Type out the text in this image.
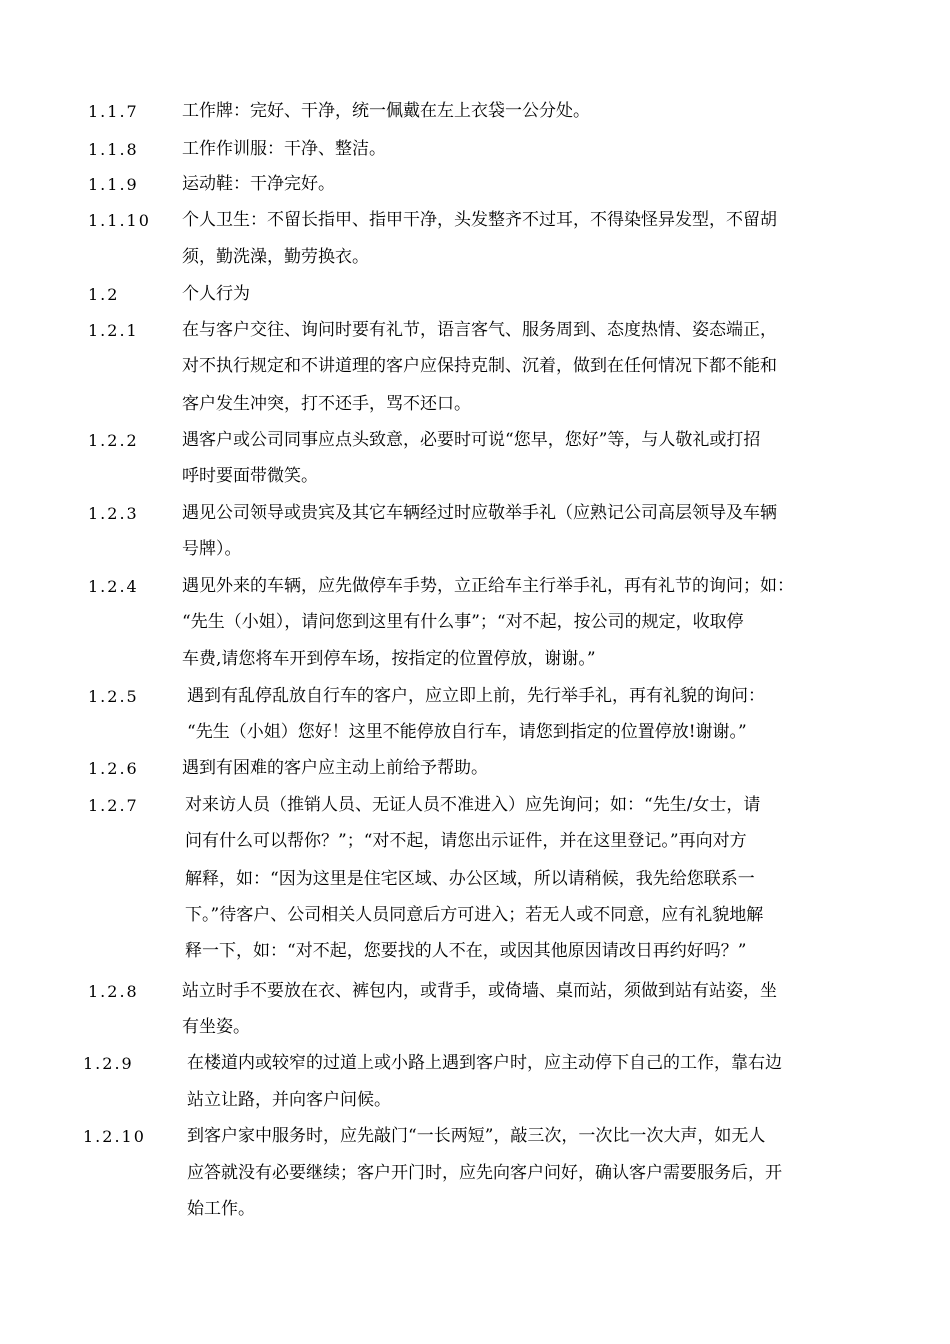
1.1.7	工作牌：完好、干净，统一佩戴在左上衣袋一公分处。
1.1.8	工作作训服：干净、整洁。
1.1.9	运动鞋：干净完好。
1.1.10 个人卫生：不留长指甲、指甲干净，头发整齐不过耳，不得染怪异发型，不留胡
须，勤洗澡，勤劳换衣。
1.2	个人行为
1.2.1	在与客户交往、询问时要有礼节，语言客气、服务周到、态度热情、姿态端正，
对不执行规定和不讲道理的客户应保持克制、沉着，做到在任何情况下都不能和
客户发生冲突，打不还手，骂不还口。
1.2.2	遇客户或公司同事应点头致意，必要时可说“您早，您好”等，与人敬礼或打招
呼时要面带微笑。
1.2.3	遇见公司领导或贵宾及其它车辆经过时应敬举手礼（应熟记公司高层领导及车辆
号牌）。
1.2.4	遇见外来的车辆，应先做停车手势，立正给车主行举手礼，再有礼节的询问；如：
“先生（小姐），请问您到这里有什么事”；“对不起，按公司的规定，收取停
车费,请您将车开到停车场，按指定的位置停放，谢谢。”
1.2.5	遇到有乱停乱放自行车的客户，应立即上前，先行举手礼，再有礼貌的询问：
“先生（小姐）您好！这里不能停放自行车，请您到指定的位置停放!谢谢。”
1.2.6	遇到有困难的客户应主动上前给予帮助。
1.2.7	对来访人员（推销人员、无证人员不准进入）应先询问；如：“先生/女士，请
问有什么可以帮你？”；“对不起，请您出示证件，并在这里登记。”再向对方
解释，如：“因为这里是住宅区域、办公区域，所以请稍候，我先给您联系一
下。”待客户、公司相关人员同意后方可进入；若无人或不同意，应有礼貌地解
释一下，如：“对不起，您要找的人不在，或因其他原因请改日再约好吗？”
1.2.8	站立时手不要放在衣、裤包内，或背手，或倚墙、桌而站，须做到站有站姿，坐
有坐姿。
1.2.9	在楼道内或较窄的过道上或小路上遇到客户时，应主动停下自己的工作，靠右边
站立让路，并向客户问候。
1.2.10 到客户家中服务时，应先敲门“一长两短”，敲三次，一次比一次大声，如无人
应答就没有必要继续；客户开门时，应先向客户问好，确认客户需要服务后，开
始工作。
